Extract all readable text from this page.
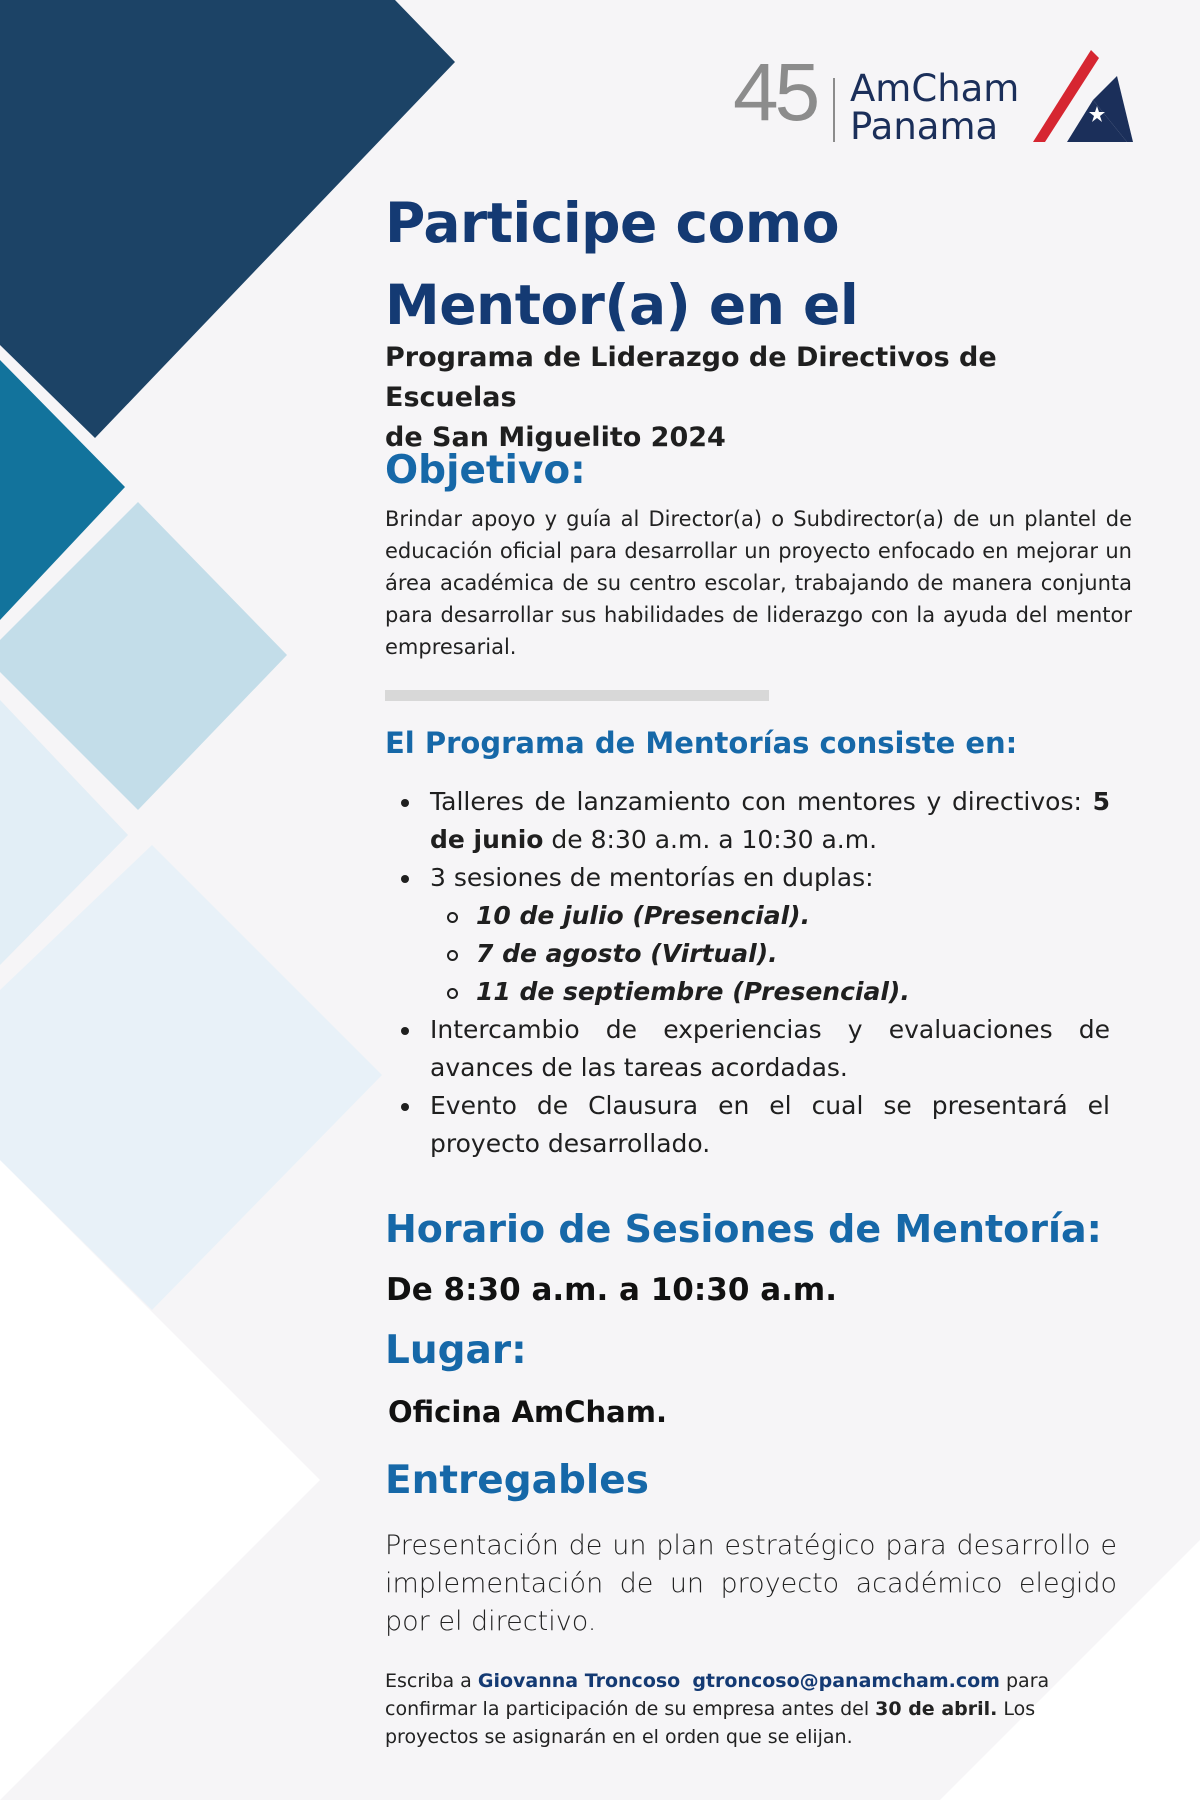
45 AmCham
Panama
Participe como
Mentor(a) en el
Programa de Liderazgo de Directivos de Escuelas
de San Miguelito 2024
Objetivo:
Brindar apoyo y guía al Director(a) o Subdirector(a) de un plantel de educación oficial para desarrollar un proyecto enfocado en mejorar un área académica de su centro escolar, trabajando de manera conjunta para desarrollar sus habilidades de liderazgo con la ayuda del mentor empresarial.
El Programa de Mentorías consiste en:
Talleres de lanzamiento con mentores y directivos: 5 de junio de 8:30 a.m. a 10:30 a.m.
3 sesiones de mentorías en duplas:
10 de julio (Presencial).
7 de agosto (Virtual).
11 de septiembre (Presencial).
Intercambio de experiencias y evaluaciones de avances de las tareas acordadas.
Evento de Clausura en el cual se presentará el proyecto desarrollado.
Horario de Sesiones de Mentoría:
De 8:30 a.m. a 10:30 a.m.
Lugar:
Oficina AmCham.
Entregables
Presentación de un plan estratégico para desarrollo e implementación de un proyecto académico elegido por el directivo.
Escriba a Giovanna Troncoso gtroncoso@panamcham.com para confirmar la participación de su empresa antes del 30 de abril. Los proyectos se asignarán en el orden que se elijan.
